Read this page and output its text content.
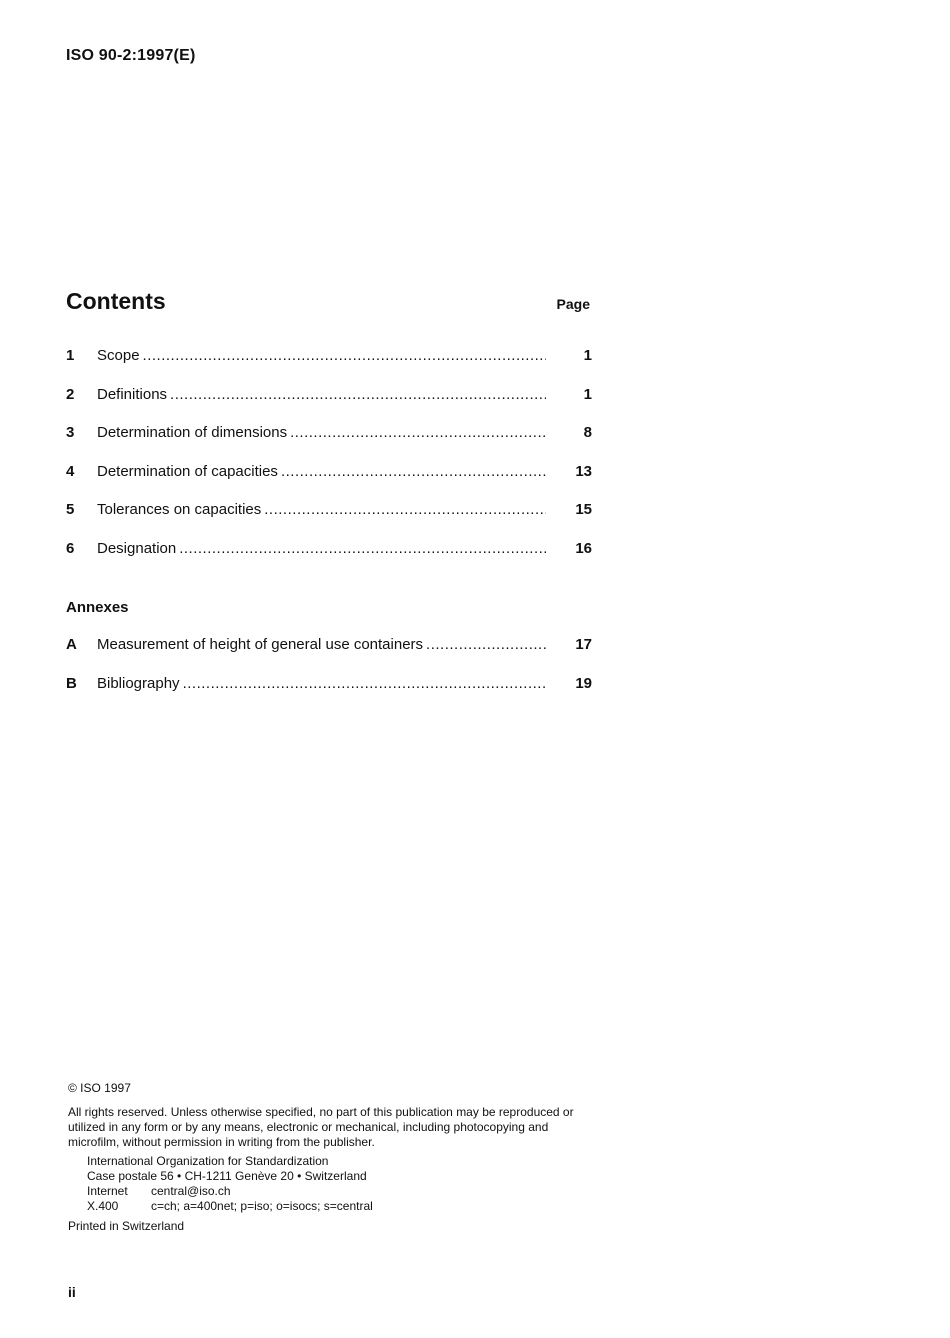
ISO 90-2:1997(E)
Contents	Page
1	Scope .....	1
2	Definitions .....	1
3	Determination of dimensions .....	8
4	Determination of capacities .....	13
5	Tolerances on capacities .....	15
6	Designation .....	16
Annexes
A	Measurement of height of general use containers .....	17
B	Bibliography .....	19
© ISO 1997
All rights reserved. Unless otherwise specified, no part of this publication may be reproduced or utilized in any form or by any means, electronic or mechanical, including photocopying and microfilm, without permission in writing from the publisher.
International Organization for Standardization
Case postale 56 • CH-1211 Genève 20 • Switzerland
Internet	central@iso.ch
X.400	c=ch; a=400net; p=iso; o=isocs; s=central
Printed in Switzerland
ii
